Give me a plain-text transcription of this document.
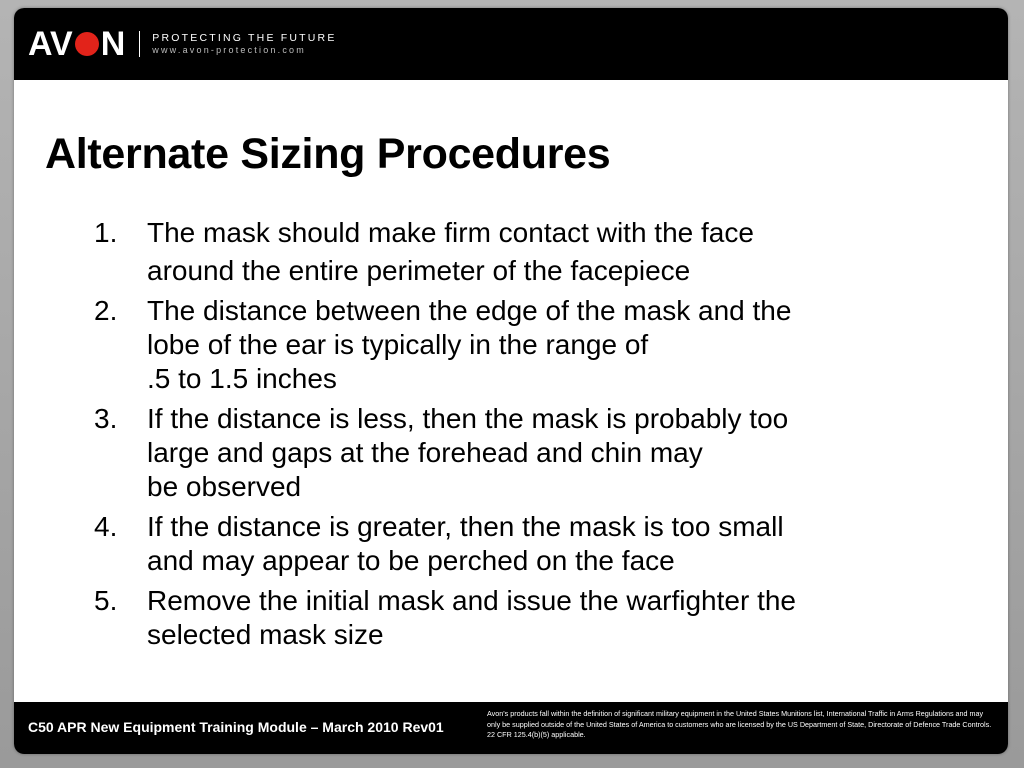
AV N	PROTECTING THE FUTURE
www.avon-protection.com
Alternate Sizing Procedures
1.	The mask should make firm contact with the face
around the entire perimeter of the facepiece
2.	The distance between the edge of the mask and the
lobe of the ear is typically in the range of
.5 to 1.5 inches
3.	If the distance is less, then the mask is probably too
large and gaps at the forehead and chin may
be observed
4.	If the distance is greater, then the mask is too small
and may appear to be perched on the face
5.	Remove the initial mask and issue the warfighter the
selected mask size
C50 APR New Equipment Training Module – March 2010 Rev01
Avon's products fall within the definition of significant military equipment in the United States Munitions list, International Traffic in Arms Regulations and may
only be supplied outside of the United States of America to customers who are licensed by the US Department of State, Directorate of Defence Trade Controls.
22 CFR 125.4(b)(5) applicable.
